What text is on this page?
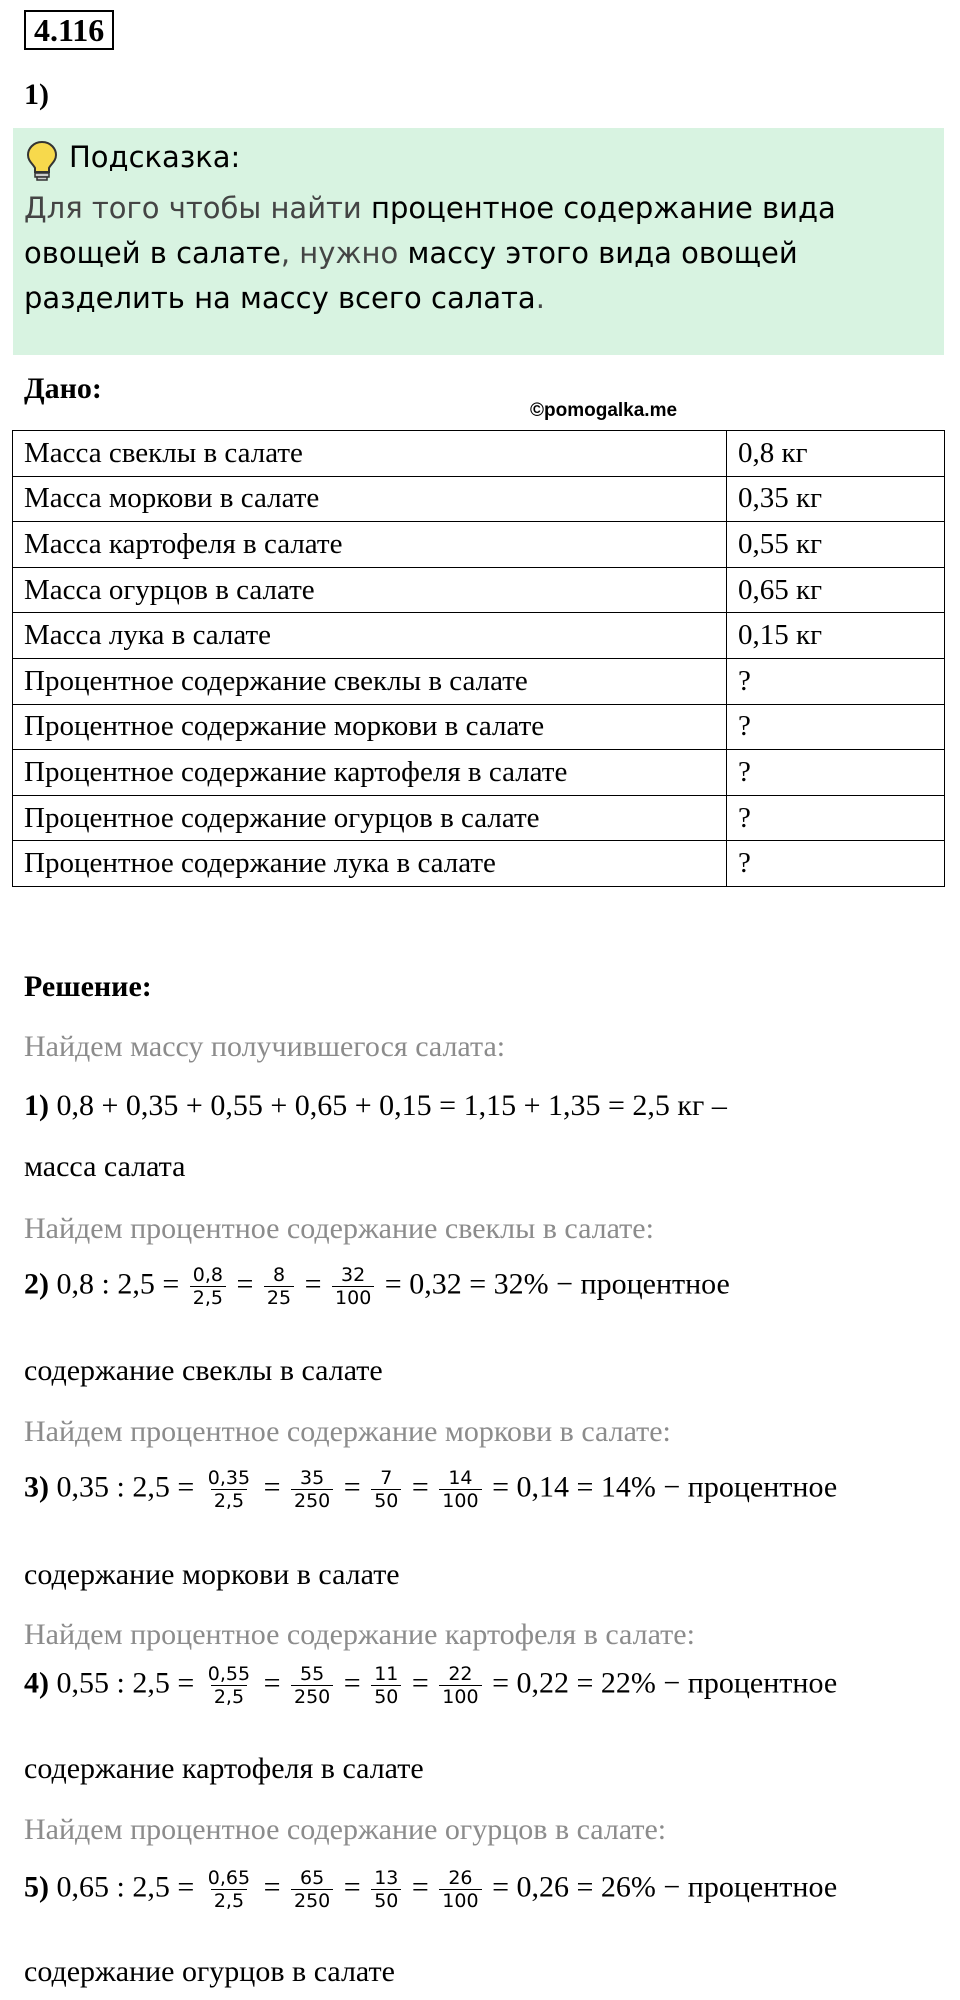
4.116
1)
Подсказка:
Для того чтобы найти процентное содержание вида овощей в салате, нужно массу этого вида овощей разделить на массу всего салата.
Дано:
©pomogalka.me
Масса свеклы в салате	0,8 кг
Масса моркови в салате	0,35 кг
Масса картофеля в салате	0,55 кг
Масса огурцов в салате	0,65 кг
Масса лука в салате	0,15 кг
Процентное содержание свеклы в салате	?
Процентное содержание моркови в салате	?
Процентное содержание картофеля в салате	?
Процентное содержание огурцов в салате	?
Процентное содержание лука в салате	?
Решение:
Найдем массу получившегося салата:
1) 0,8 + 0,35 + 0,55 + 0,65 + 0,15 = 1,15 + 1,35 = 2,5 кг –
масса салата
Найдем процентное содержание свеклы в салате:
2) 0,8 : $2,5 = \frac{0,8}{2,5} = \frac{8}{25} = \frac{32}{100} = 0,32 = 32\%$ − процентное
содержание свеклы в салате
Найдем процентное содержание моркови в салате:
3) 0,35 : $2,5 = \frac{0,35}{2,5} = \frac{35}{250} = \frac{7}{50} = \frac{14}{100} = 0,14 = 14\%$ − процентное
содержание моркови в салате
Найдем процентное содержание картофеля в салате:
4) 0,55 : $2,5 = \frac{0,55}{2,5} = \frac{55}{250} = \frac{11}{50} = \frac{22}{100} = 0,22 = 22\%$ − процентное
содержание картофеля в салате
Найдем процентное содержание огурцов в салате:
5) 0,65 : $2,5 = \frac{0,65}{2,5} = \frac{65}{250} = \frac{13}{50} = \frac{26}{100} = 0,26 = 26\%$ − процентное
содержание огурцов в салате
